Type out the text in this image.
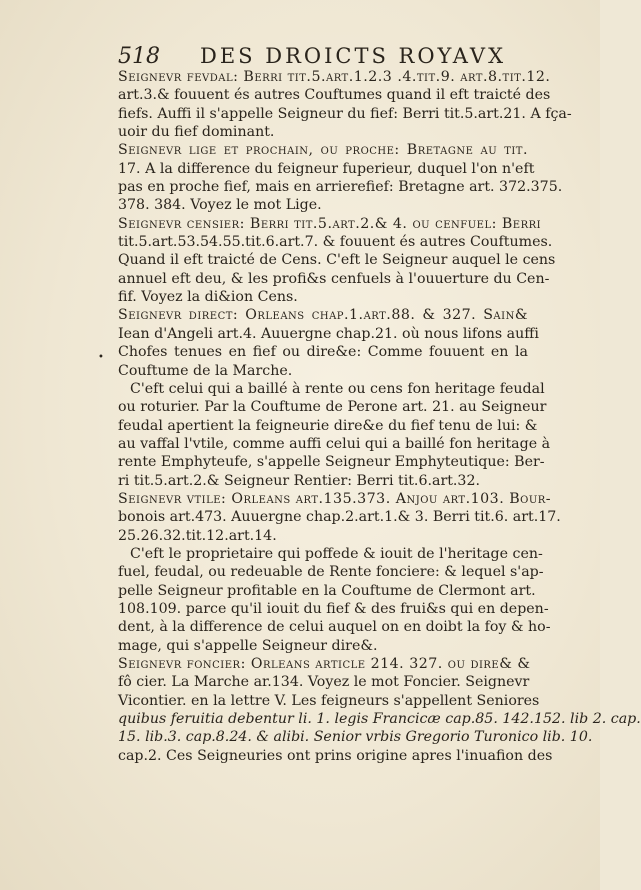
518 DES DROICTS ROYAVX
•
Seignevr fevdal: Berri tit.5.art.1.2.3 .4.tit.9. art.8.tit.12.
art.3.& fouuent és autres Couftumes quand il eft traicté des
fiefs. Auffi il s'appelle Seigneur du fief: Berri tit.5.art.21. A fça-
uoir du fief dominant.
Seignevr lige et prochain, ou proche: Bretagne au tit.
17. A la difference du feigneur fuperieur, duquel l'on n'eft
pas en proche fief, mais en arrierefief: Bretagne art. 372.375.
378. 384. Voyez le mot Lige.
Seignevr censier: Berri tit.5.art.2.& 4. ou cenfuel: Berri
tit.5.art.53.54.55.tit.6.art.7. & fouuent és autres Couftumes.
Quand il eft traicté de Cens. C'eft le Seigneur auquel le cens
annuel eft deu, & les profi&s cenfuels à l'ouuerture du Cen-
fif. Voyez la di&ion Cens.
Seignevr direct: Orleans chap.1.art.88. & 327. Sain&
Iean d'Angeli art.4. Auuergne chap.21. où nous lifons auffi
Chofes tenues en fief ou dire&e: Comme fouuent en la
Couftume de la Marche.
C'eft celui qui a baillé à rente ou cens fon heritage feudal
ou roturier. Par la Couftume de Perone art. 21. au Seigneur
feudal apertient la feigneurie dire&e du fief tenu de lui: &
au vaffal l'vtile, comme auffi celui qui a baillé fon heritage à
rente Emphyteufe, s'appelle Seigneur Emphyteutique: Ber-
ri tit.5.art.2.& Seigneur Rentier: Berri tit.6.art.32.
Seignevr vtile: Orleans art.135.373. Anjou art.103. Bour-
bonois art.473. Auuergne chap.2.art.1.& 3. Berri tit.6. art.17.
25.26.32.tit.12.art.14.
C'eft le proprietaire qui poffede & iouit de l'heritage cen-
fuel, feudal, ou redeuable de Rente fonciere: & lequel s'ap-
pelle Seigneur profitable en la Couftume de Clermont art.
108.109. parce qu'il iouit du fief & des frui&s qui en depen-
dent, à la difference de celui auquel on en doibt la foy & ho-
mage, qui s'appelle Seigneur dire&.
Seignevr foncier: Orleans article 214. 327. ou dire& &
fô cier. La Marche ar.134. Voyez le mot Foncier. Seignevr
Vicontier. en la lettre V. Les feigneurs s'appellent Seniores
quibus feruitia debentur li. 1. legis Francicæ cap.85. 142.152. lib 2. cap.
15. lib.3. cap.8.24. & alibi. Senior vrbis Gregorio Turonico lib. 10.
cap.2. Ces Seigneuries ont prins origine apres l'inuafion des
